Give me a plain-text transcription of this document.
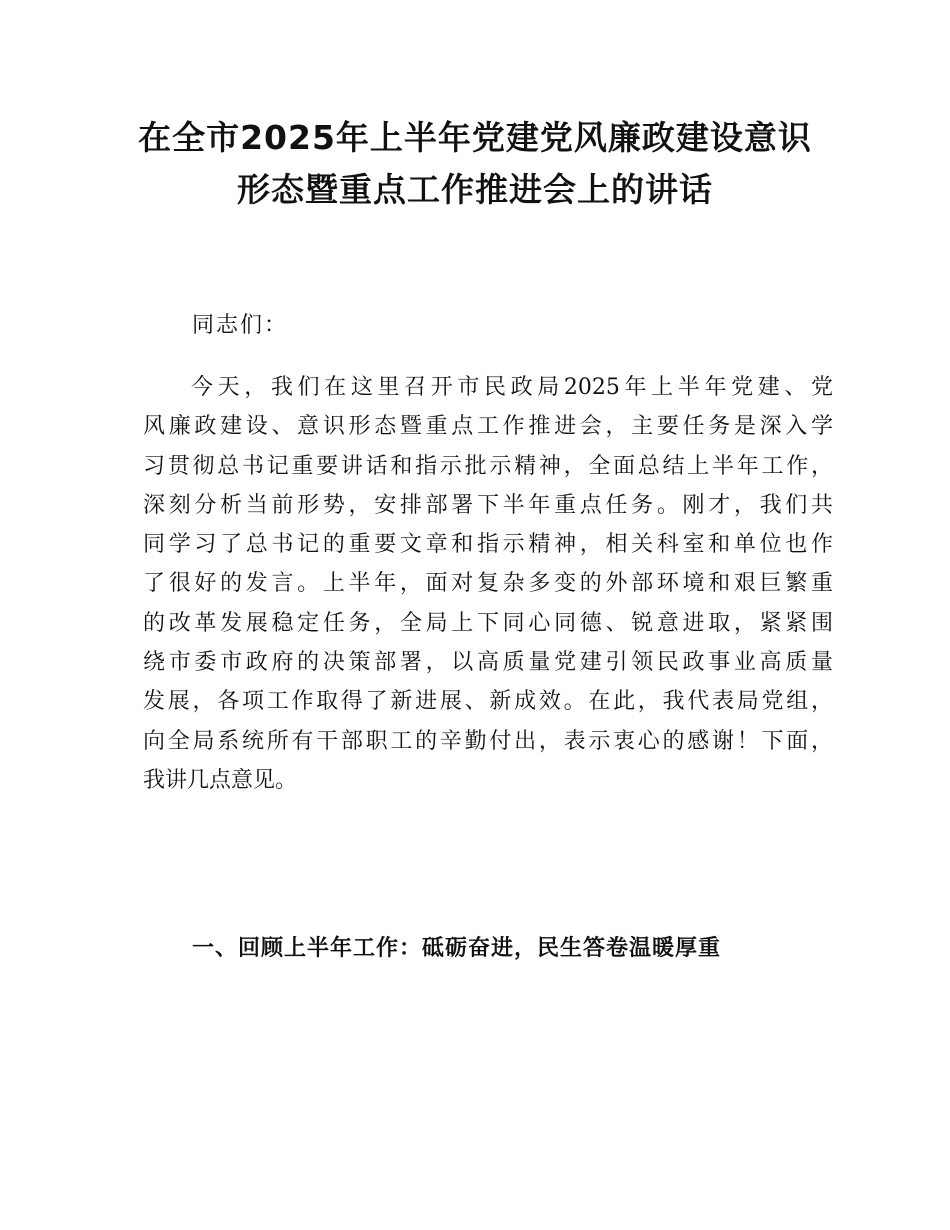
在全市2025年上半年党建党风廉政建设意识
形态暨重点工作推进会上的讲话
同志们：
今天，我们在这里召开市民政局2025年上半年党建、党
风廉政建设、意识形态暨重点工作推进会，主要任务是深入学
习贯彻总书记重要讲话和指示批示精神，全面总结上半年工作，
深刻分析当前形势，安排部署下半年重点任务。刚才，我们共
同学习了总书记的重要文章和指示精神，相关科室和单位也作
了很好的发言。上半年，面对复杂多变的外部环境和艰巨繁重
的改革发展稳定任务，全局上下同心同德、锐意进取，紧紧围
绕市委市政府的决策部署，以高质量党建引领民政事业高质量
发展，各项工作取得了新进展、新成效。在此，我代表局党组，
向全局系统所有干部职工的辛勤付出，表示衷心的感谢！下面，
我讲几点意见。
一、回顾上半年工作：砥砺奋进，民生答卷温暖厚重
